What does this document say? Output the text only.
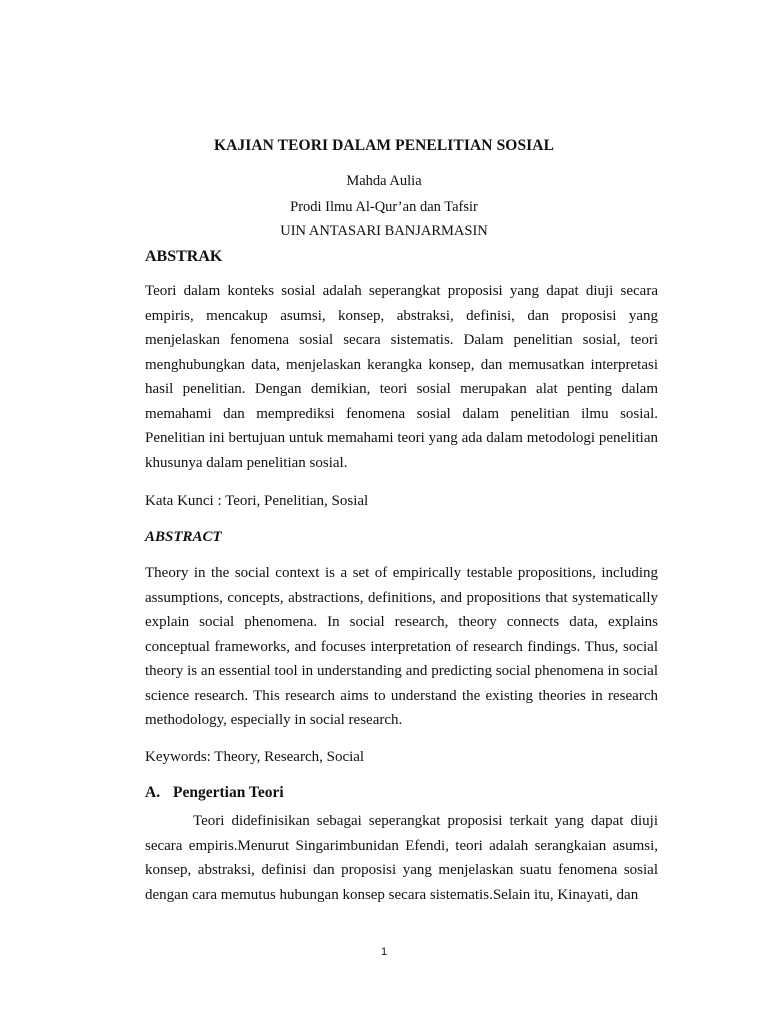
KAJIAN TEORI DALAM PENELITIAN SOSIAL
Mahda Aulia
Prodi Ilmu Al-Qur’an dan Tafsir
UIN ANTASARI BANJARMASIN
ABSTRAK

Teori dalam konteks sosial adalah seperangkat proposisi yang dapat diuji secara empiris, mencakup asumsi, konsep, abstraksi, definisi, dan proposisi yang menjelaskan fenomena sosial secara sistematis. Dalam penelitian sosial, teori menghubungkan data, menjelaskan kerangka konsep, dan memusatkan interpretasi hasil penelitian. Dengan demikian, teori sosial merupakan alat penting dalam memahami dan memprediksi fenomena sosial dalam penelitian ilmu sosial. Penelitian ini bertujuan untuk memahami teori yang ada dalam metodologi penelitian khusunya dalam penelitian sosial.

Kata Kunci : Teori, Penelitian, Sosial

ABSTRACT

Theory in the social context is a set of empirically testable propositions, including assumptions, concepts, abstractions, definitions, and propositions that systematically explain social phenomena. In social research, theory connects data, explains conceptual frameworks, and focuses interpretation of research findings. Thus, social theory is an essential tool in understanding and predicting social phenomena in social science research. This research aims to understand the existing theories in research methodology, especially in social research.

Keywords: Theory, Research, Social

A. Pengertian Teori

Teori didefinisikan sebagai seperangkat proposisi terkait yang dapat diuji secara empiris.Menurut Singarimbunidan Efendi, teori adalah serangkaian asumsi, konsep, abstraksi, definisi dan proposisi yang menjelaskan suatu fenomena sosial dengan cara memutus hubungan konsep secara sistematis.Selain itu, Kinayati, dan

1
